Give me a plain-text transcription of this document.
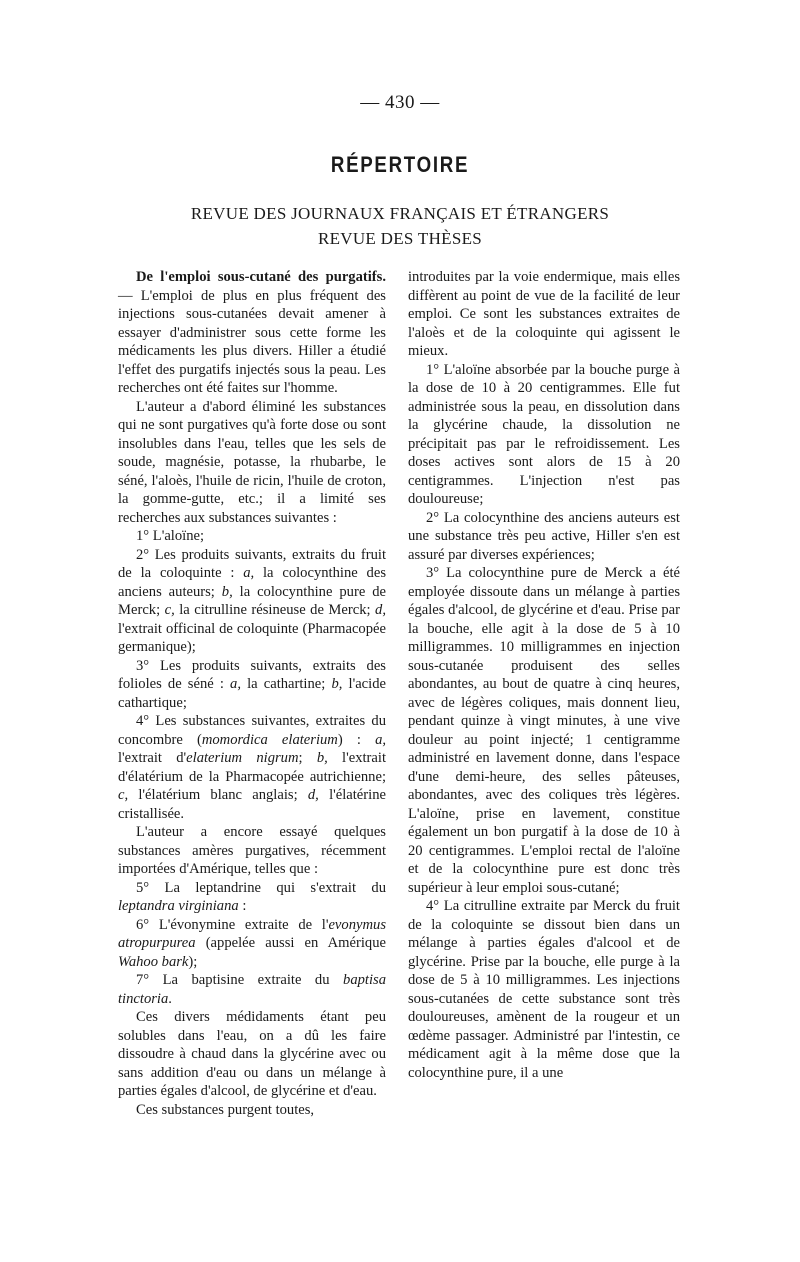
— 430 —
RÉPERTOIRE
REVUE DES JOURNAUX FRANÇAIS ET ÉTRANGERS
REVUE DES THÈSES

De l'emploi sous-cutané des purgatifs. — L'emploi de plus en plus fréquent des injections sous-cutanées devait amener à essayer d'administrer sous cette forme les médicaments les plus divers. Hiller a étudié l'effet des purgatifs injectés sous la peau. Les recherches ont été faites sur l'homme.

L'auteur a d'abord éliminé les substances qui ne sont purgatives qu'à forte dose ou sont insolubles dans l'eau, telles que les sels de soude, magnésie, potasse, la rhubarbe, le séné, l'aloès, l'huile de ricin, l'huile de croton, la gomme-gutte, etc.; il a limité ses recherches aux substances suivantes :

1° L'aloïne;

2° Les produits suivants, extraits du fruit de la coloquinte : a, la colocynthine des anciens auteurs; b, la colocynthine pure de Merck; c, la citrulline résineuse de Merck; d, l'extrait officinal de coloquinte (Pharmacopée germanique);

3° Les produits suivants, extraits des folioles de séné : a, la cathartine; b, l'acide cathartique;

4° Les substances suivantes, extraites du concombre (momordica elaterium) : a, l'extrait d'elaterium nigrum; b, l'extrait d'élatérium de la Pharmacopée autrichienne; c, l'élatérium blanc anglais; d, l'élatérine cristallisée.

L'auteur a encore essayé quelques substances amères purgatives, récemment importées d'Amérique, telles que :

5° La leptandrine qui s'extrait du leptandra virginiana :

6° L'évonymine extraite de l'evonymus atropurpurea (appelée aussi en Amérique Wahoo bark);

7° La baptisine extraite du baptisa tinctoria.

Ces divers médidaments étant peu solubles dans l'eau, on a dû les faire dissoudre à chaud dans la glycérine avec ou sans addition d'eau ou dans un mélange à parties égales d'alcool, de glycérine et d'eau.

Ces substances purgent toutes,

introduites par la voie endermique, mais elles diffèrent au point de vue de la facilité de leur emploi. Ce sont les substances extraites de l'aloès et de la coloquinte qui agissent le mieux.

1° L'aloïne absorbée par la bouche purge à la dose de 10 à 20 centigrammes. Elle fut administrée sous la peau, en dissolution dans la glycérine chaude, la dissolution ne précipitait pas par le refroidissement. Les doses actives sont alors de 15 à 20 centigrammes. L'injection n'est pas douloureuse;

2° La colocynthine des anciens auteurs est une substance très peu active, Hiller s'en est assuré par diverses expériences;

3° La colocynthine pure de Merck a été employée dissoute dans un mélange à parties égales d'alcool, de glycérine et d'eau. Prise par la bouche, elle agit à la dose de 5 à 10 milligrammes. 10 milligrammes en injection sous-cutanée produisent des selles abondantes, au bout de quatre à cinq heures, avec de légères coliques, mais donnent lieu, pendant quinze à vingt minutes, à une vive douleur au point injecté; 1 centigramme administré en lavement donne, dans l'espace d'une demi-heure, des selles pâteuses, abondantes, avec des coliques très légères. L'aloïne, prise en lavement, constitue également un bon purgatif à la dose de 10 à 20 centigrammes. L'emploi rectal de l'aloïne et de la colocynthine pure est donc très supérieur à leur emploi sous-cutané;

4° La citrulline extraite par Merck du fruit de la coloquinte se dissout bien dans un mélange à parties égales d'alcool et de glycérine. Prise par la bouche, elle purge à la dose de 5 à 10 milligrammes. Les injections sous-cutanées de cette substance sont très douloureuses, amènent de la rougeur et un œdème passager. Administré par l'intestin, ce médicament agit à la même dose que la colocynthine pure, il a une
